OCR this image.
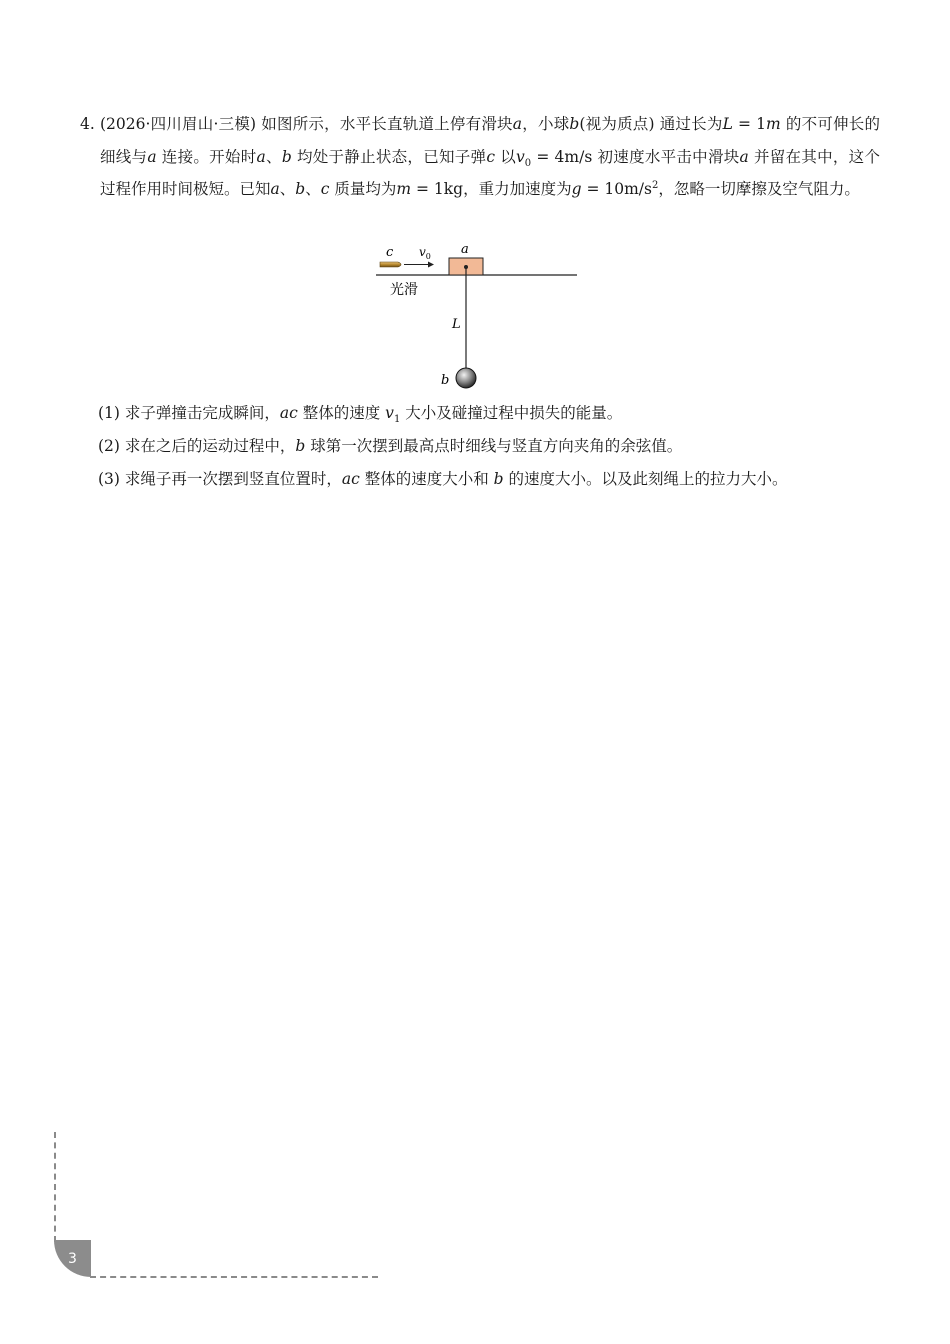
4. (2026·四川眉山·三模) 如图所示，水平长直轨道上停有滑块a，小球b(视为质点) 通过长为L = 1m 的不可伸长的细线与a 连接。开始时a、b 均处于静止状态，已知子弹c 以$v_0 = 4m/s$ 初速度水平击中滑块a 并留在其中，这个过程作用时间极短。已知a、b、c 质量均为m = 1kg，重力加速度为$g = 10m/s^2$，忽略一切摩擦及空气阻力。

c $v_0$ a
光滑
L
b

(1) 求子弹撞击完成瞬间，ac 整体的速度 $v_1$ 大小及碰撞过程中损失的能量。

(2) 求在之后的运动过程中，b 球第一次摆到最高点时细线与竖直方向夹角的余弦值。

(3) 求绳子再一次摆到竖直位置时，ac 整体的速度大小和 b 的速度大小。以及此刻绳上的拉力大小。

3
